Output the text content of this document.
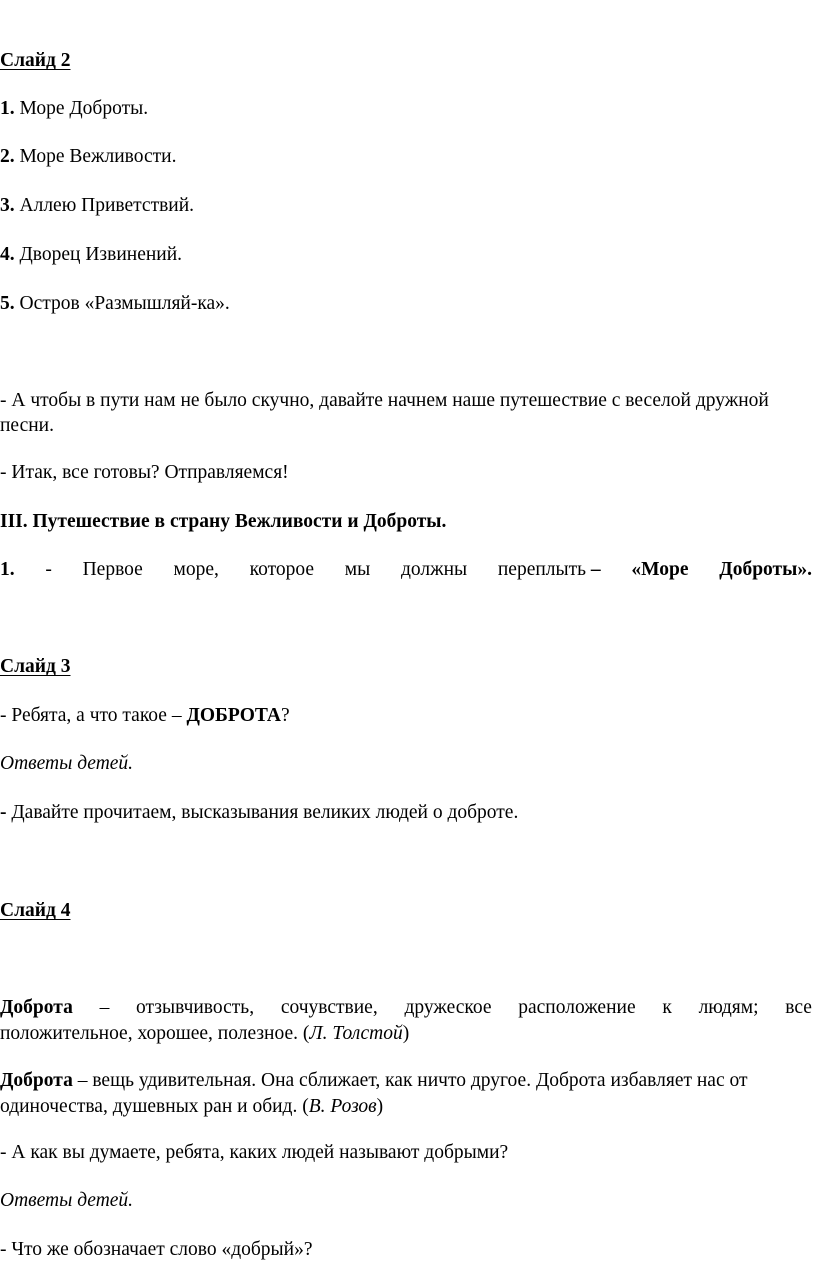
Слайд 2
1. Море Доброты.
2. Море Вежливости.
3. Аллею Приветствий.
4. Дворец Извинений.
5. Остров «Размышляй-ка».
- А чтобы в пути нам не было скучно, давайте начнем наше путешествие с веселой дружной
песни.
- Итак, все готовы? Отправляемся!
III. Путешествие в страну Вежливости и Доброты.
1. - Первое море, которое мы должны переплыть – «Море Доброты».
Слайд 3
- Ребята, а что такое – ДОБРОТА?
Ответы детей.
- Давайте прочитаем, высказывания великих людей о доброте.
Слайд 4
Доброта – отзывчивость, сочувствие, дружеское расположение к людям; все
положительное, хорошее, полезное. (Л. Толстой)
Доброта – вещь удивительная. Она сближает, как ничто другое. Доброта избавляет нас от
одиночества, душевных ран и обид. (В. Розов)
- А как вы думаете, ребята, каких людей называют добрыми?
Ответы детей.
- Что же обозначает слово «добрый»?
